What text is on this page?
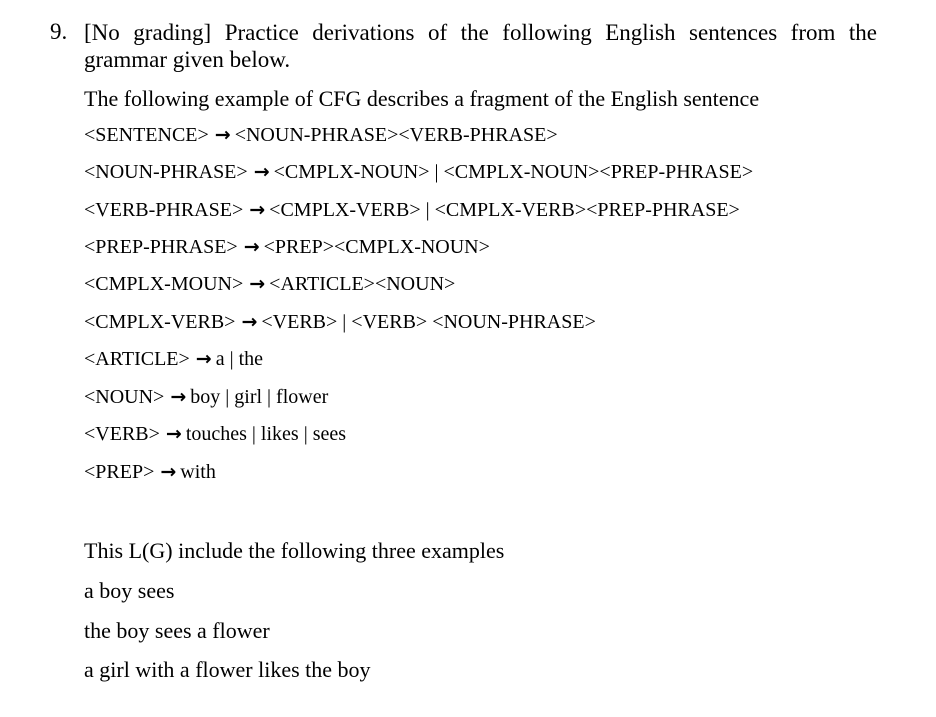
9. [No grading] Practice derivations of the following English sentences from the grammar given below.
The following example of CFG describes a fragment of the English sentence
<SENTENCE> → <NOUN-PHRASE><VERB-PHRASE>
<NOUN-PHRASE> → <CMPLX-NOUN> | <CMPLX-NOUN><PREP-PHRASE>
<VERB-PHRASE> → <CMPLX-VERB> | <CMPLX-VERB><PREP-PHRASE>
<PREP-PHRASE> → <PREP><CMPLX-NOUN>
<CMPLX-MOUN> → <ARTICLE><NOUN>
<CMPLX-VERB> → <VERB> | <VERB> <NOUN-PHRASE>
<ARTICLE> → a | the
<NOUN> → boy | girl | flower
<VERB> → touches | likes | sees
<PREP> → with
This L(G) include the following three examples
a boy sees
the boy sees a flower
a girl with a flower likes the boy
